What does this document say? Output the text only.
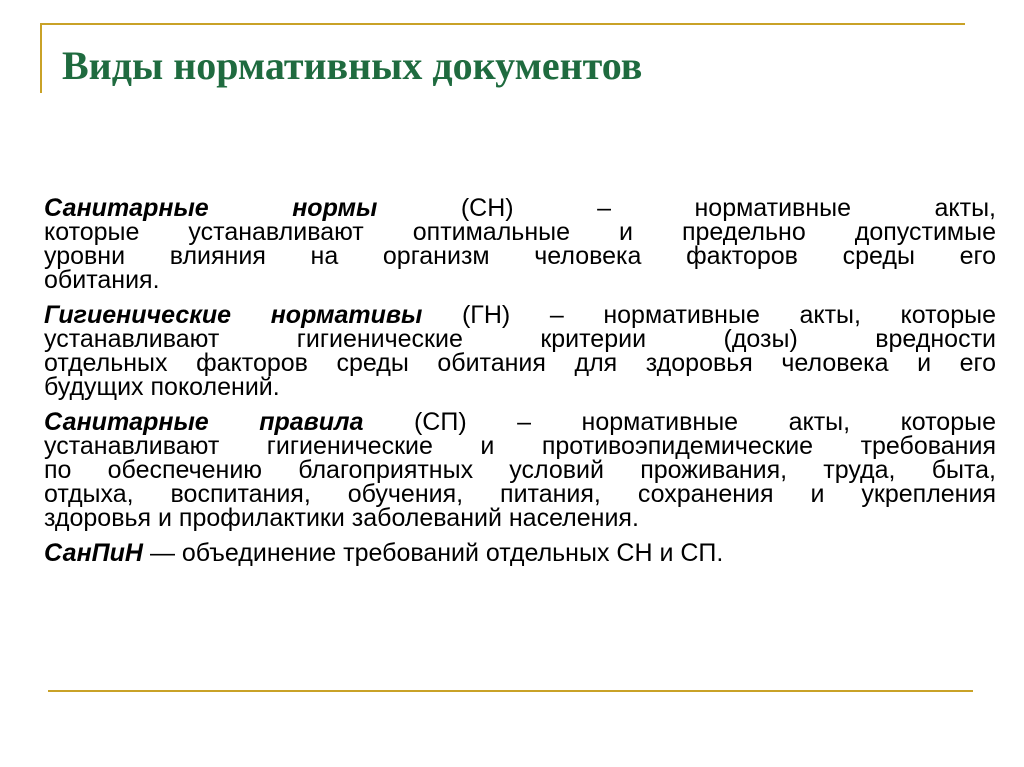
Виды нормативных документов

Санитарные нормы (СН) – нормативные акты,
которые устанавливают оптимальные и предельно допустимые
уровни влияния на организм человека факторов среды его
обитания.

Гигиенические нормативы (ГН) – нормативные акты, которые
устанавливают гигиенические критерии (дозы) вредности
отдельных факторов среды обитания для здоровья человека и его
будущих поколений.

Санитарные правила (СП) – нормативные акты, которые
устанавливают гигиенические и противоэпидемические требования
по обеспечению благоприятных условий проживания, труда, быта,
отдыха, воспитания, обучения, питания, сохранения и укрепления
здоровья и профилактики заболеваний населения.

СанПиН — объединение требований отдельных СН и СП.
